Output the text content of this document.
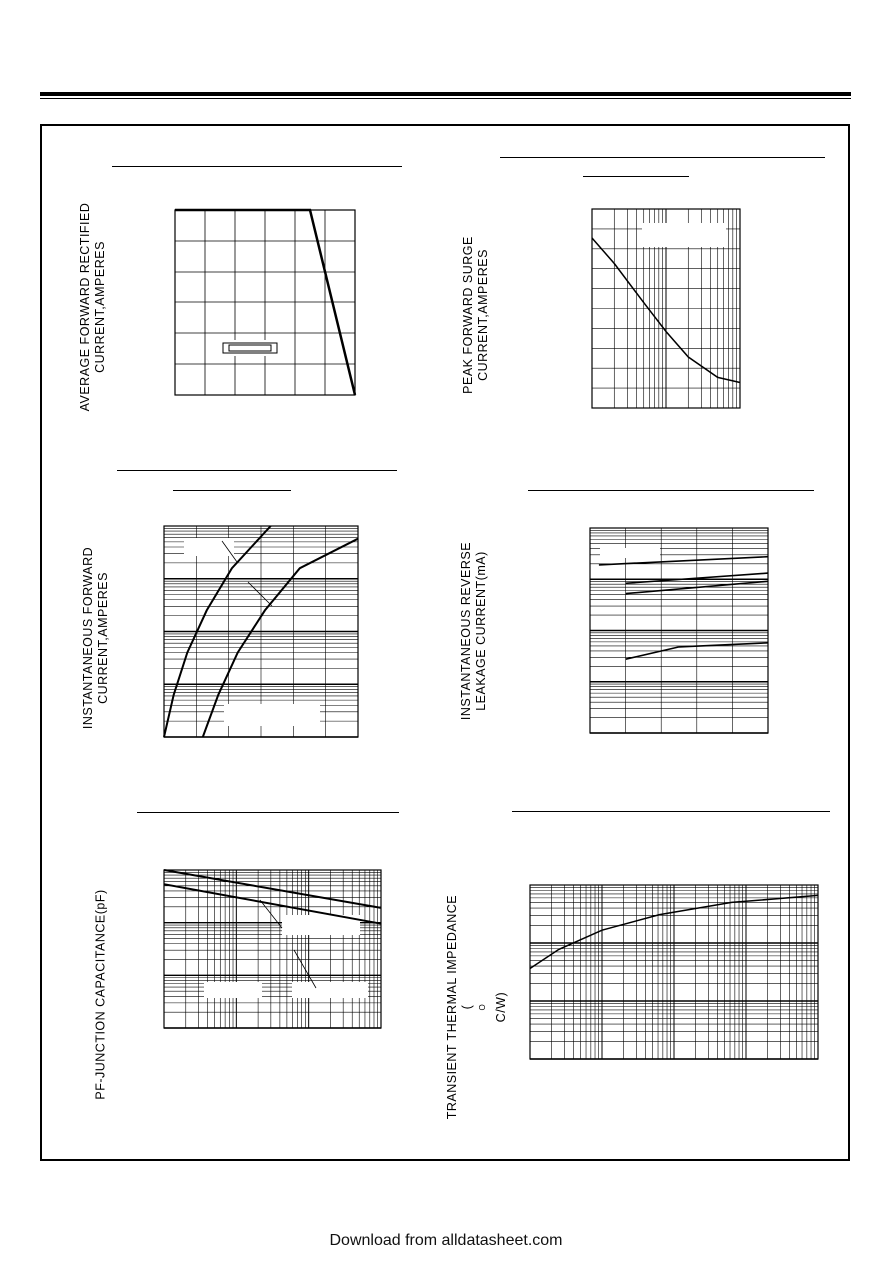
AVERAGE FORWARD RECTIFIED CURRENT,AMPERES	PEAK FORWARD SURGE CURRENT,AMPERES
INSTANTANEOUS FORWARD CURRENT,AMPERES	INSTANTANEOUS REVERSE LEAKAGE CURRENT(mA)
PF-JUNCTION CAPACITANCE(pF)	TRANSIENT THERMAL IMPEDANCE ( $^O$ C/W)
Download from alldatasheet.com
